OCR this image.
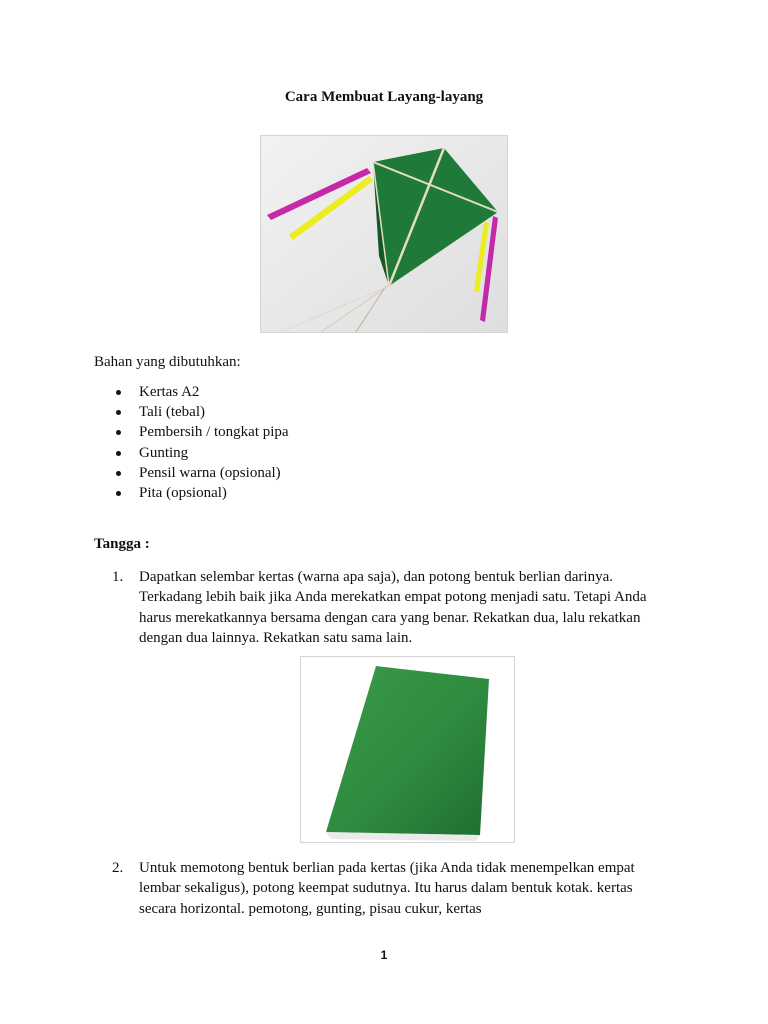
Cara Membuat Layang-layang

Bahan yang dibutuhkan:

Kertas A2
Tali (tebal)
Pembersih / tongkat pipa
Gunting
Pensil warna (opsional)
Pita (opsional)

Tangga :

1. Dapatkan selembar kertas (warna apa saja), dan potong bentuk berlian darinya. Terkadang lebih baik jika Anda merekatkan empat potong menjadi satu. Tetapi Anda harus merekatkannya bersama dengan cara yang benar. Rekatkan dua, lalu rekatkan dengan dua lainnya. Rekatkan satu sama lain.
2. Untuk memotong bentuk berlian pada kertas (jika Anda tidak menempelkan empat lembar sekaligus), potong keempat sudutnya. Itu harus dalam bentuk kotak. kertas secara horizontal. pemotong, gunting, pisau cukur, kertas
1
